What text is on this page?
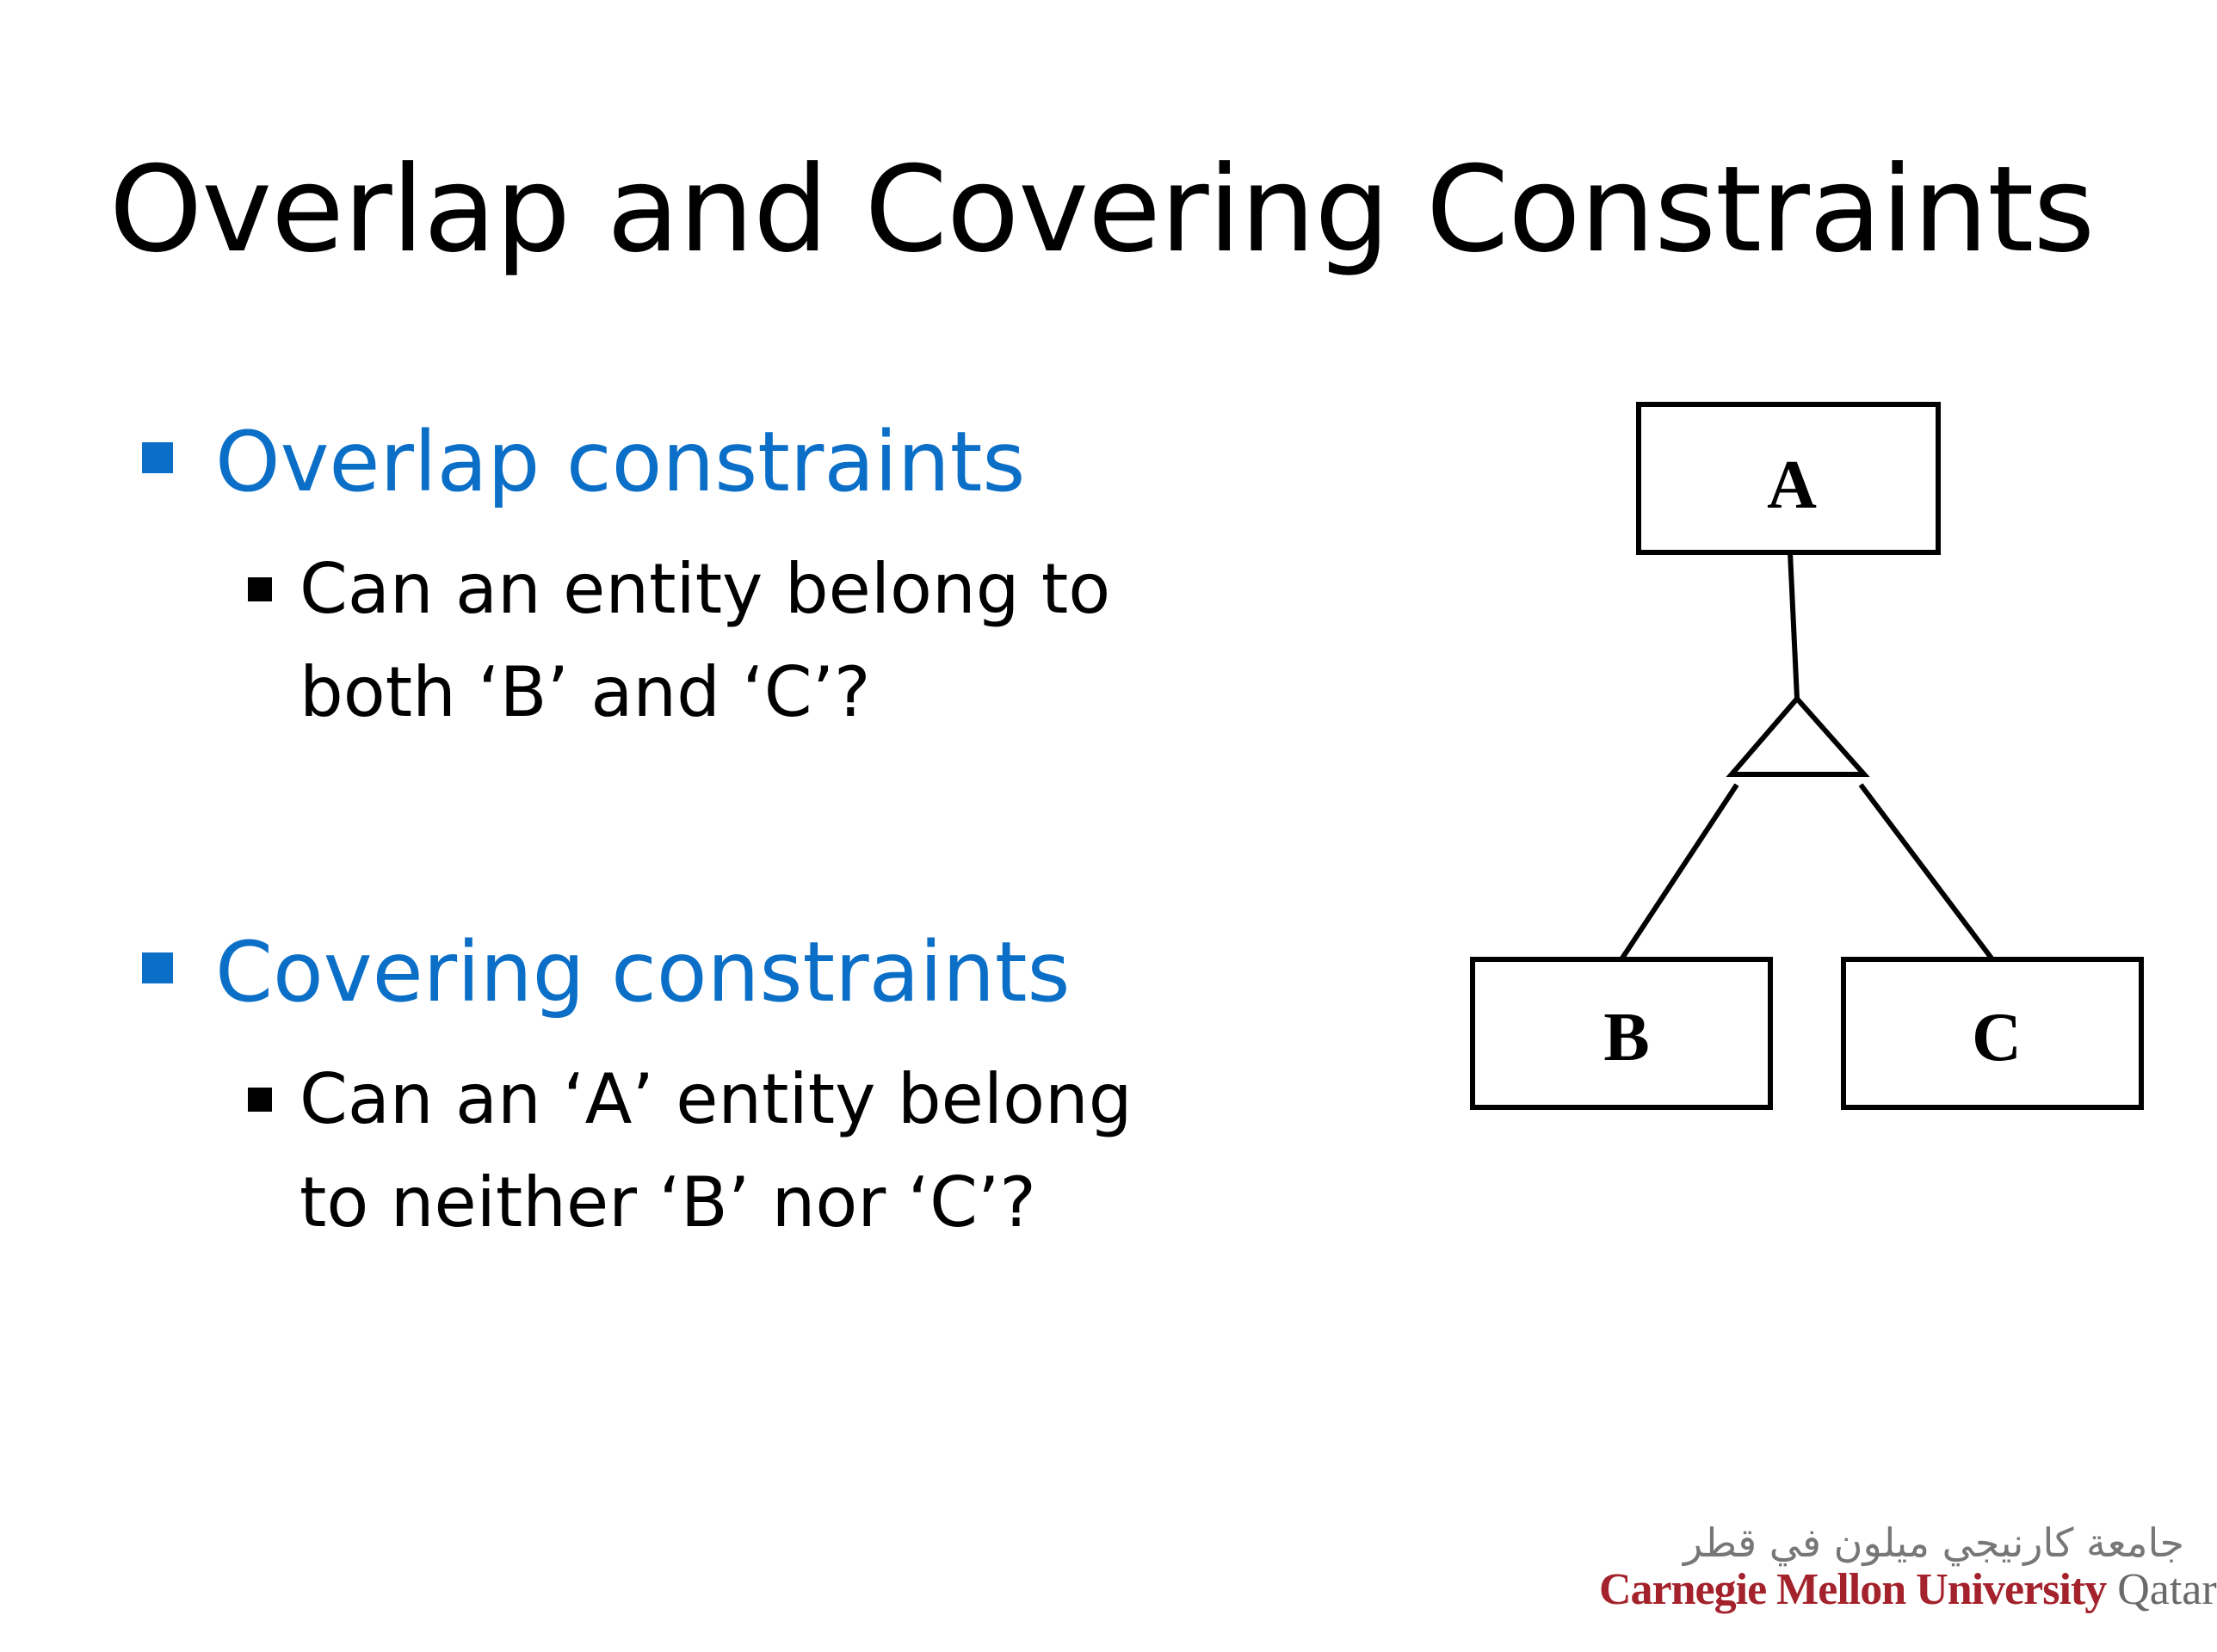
Overlap and Covering Constraints
Overlap constraints
Can an entity belong to
both ‘B’ and ‘C’?
Covering constraints
Can an ‘A’ entity belong
to neither ‘B’ nor ‘C’?
A
B	C
جامعة كارنيجي ميلون في قطر
Carnegie Mellon University Qatar
